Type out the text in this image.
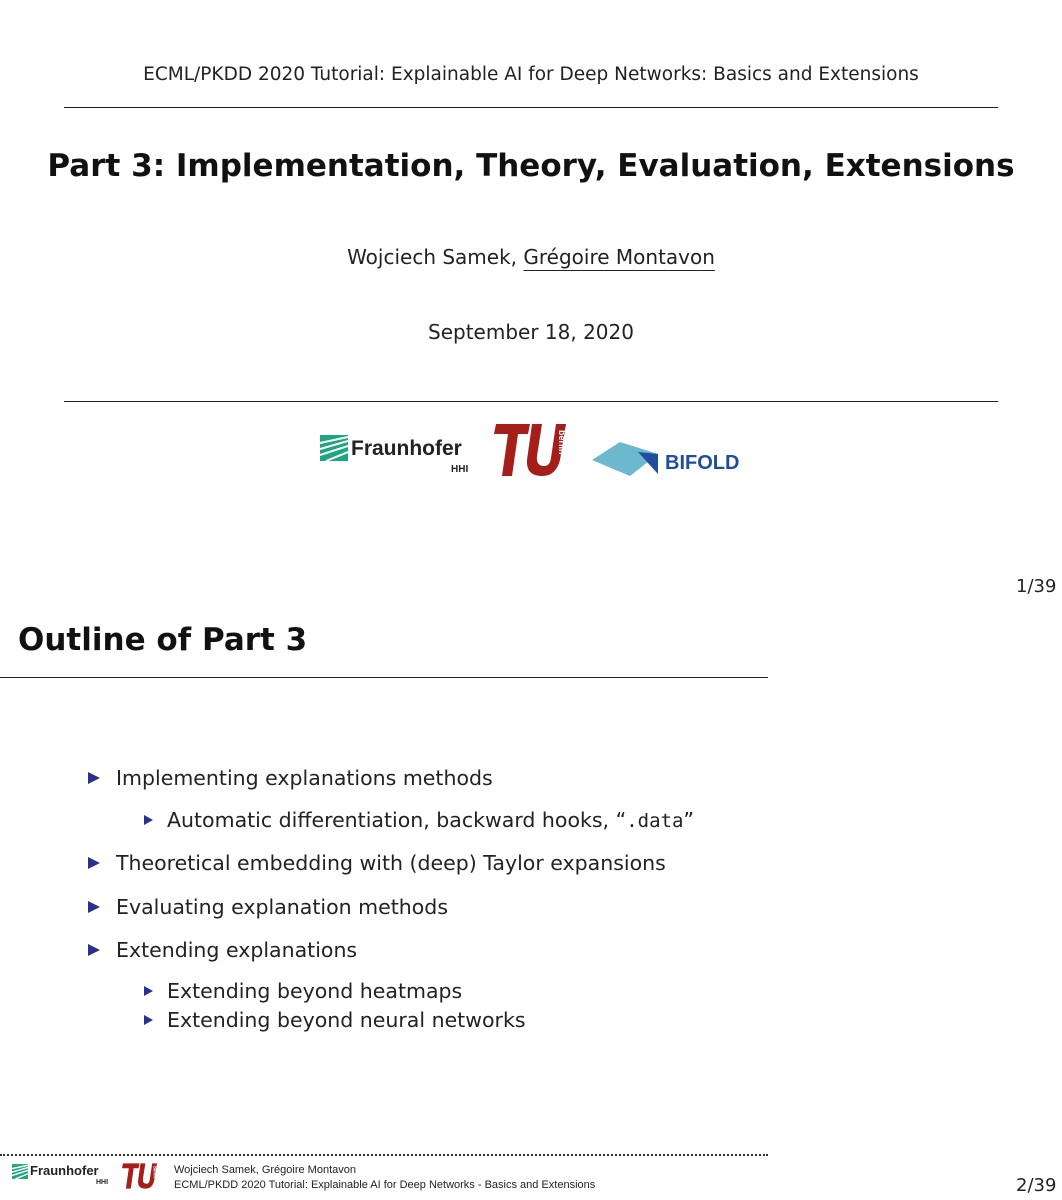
ECML/PKDD 2020 Tutorial: Explainable AI for Deep Networks: Basics and Extensions
Part 3: Implementation, Theory, Evaluation, Extensions
Wojciech Samek, Grégoire Montavon
September 18, 2020
Fraunhofer
HHI
berlin
BIFOLD
1/39
Outline of Part 3
Implementing explanations methods
Automatic differentiation, backward hooks, “.data”
Theoretical embedding with (deep) Taylor expansions
Evaluating explanation methods
Extending explanations
Extending beyond heatmaps
Extending beyond neural networks
Fraunhofer
HHI
berlin Wojciech Samek, Grégoire Montavon
ECML/PKDD 2020 Tutorial: Explainable AI for Deep Networks - Basics and Extensions	2/39
